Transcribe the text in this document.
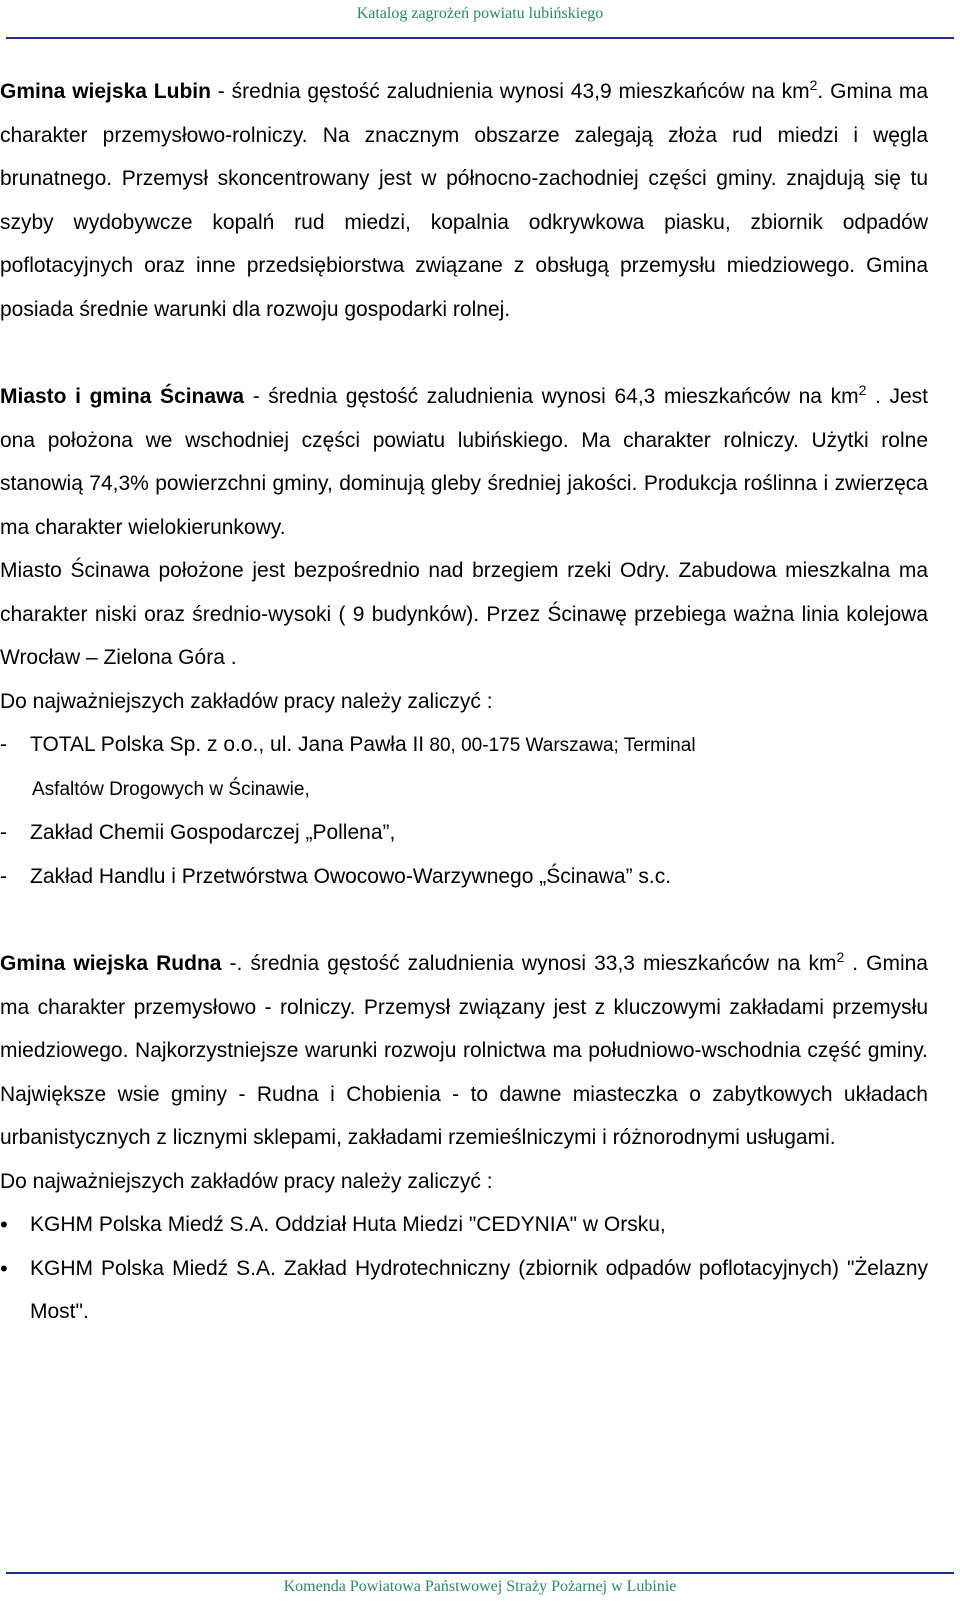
Katalog zagrożeń powiatu lubińskiego

Gmina wiejska Lubin - średnia gęstość zaludnienia wynosi 43,9 mieszkańców na $km^2$. Gmina ma charakter przemysłowo-rolniczy. Na znacznym obszarze zalegają złoża rud miedzi i węgla brunatnego. Przemysł skoncentrowany jest w północno-zachodniej części gminy. znajdują się tu szyby wydobywcze kopalń rud miedzi, kopalnia odkrywkowa piasku, zbiornik odpadów poflotacyjnych oraz inne przedsiębiorstwa związane z obsługą przemysłu miedziowego. Gmina posiada średnie warunki dla rozwoju gospodarki rolnej.

Miasto i gmina Ścinawa - średnia gęstość zaludnienia wynosi 64,3 mieszkańców na $km^2$ . Jest ona położona we wschodniej części powiatu lubińskiego. Ma charakter rolniczy. Użytki rolne stanowią 74,3% powierzchni gminy, dominują gleby średniej jakości. Produkcja roślinna i zwierzęca ma charakter wielokierunkowy.

Miasto Ścinawa położone jest bezpośrednio nad brzegiem rzeki Odry. Zabudowa mieszkalna ma charakter niski oraz średnio-wysoki ( 9 budynków). Przez Ścinawę przebiega ważna linia kolejowa Wrocław – Zielona Góra .

Do najważniejszych zakładów pracy należy zaliczyć :

- TOTAL Polska Sp. z o.o., ul. Jana Pawła II 80, 00-175 Warszawa; Terminal

Asfaltów Drogowych w Ścinawie,

- Zakład Chemii Gospodarczej „Pollena”,

- Zakład Handlu i Przetwórstwa Owocowo-Warzywnego „Ścinawa” s.c.

Gmina wiejska Rudna -. średnia gęstość zaludnienia wynosi 33,3 mieszkańców na $km^2$ . Gmina ma charakter przemysłowo - rolniczy. Przemysł związany jest z kluczowymi zakładami przemysłu miedziowego. Najkorzystniejsze warunki rozwoju rolnictwa ma południowo-wschodnia część gminy. Największe wsie gminy - Rudna i Chobienia - to dawne miasteczka o zabytkowych układach urbanistycznych z licznymi sklepami, zakładami rzemieślniczymi i różnorodnymi usługami.

Do najważniejszych zakładów pracy należy zaliczyć :

• KGHM Polska Miedź S.A. Oddział Huta Miedzi "CEDYNIA" w Orsku,

• KGHM Polska Miedź S.A. Zakład Hydrotechniczny (zbiornik odpadów poflotacyjnych) "Żelazny Most".

Komenda Powiatowa Państwowej Straży Pożarnej w Lubinie
